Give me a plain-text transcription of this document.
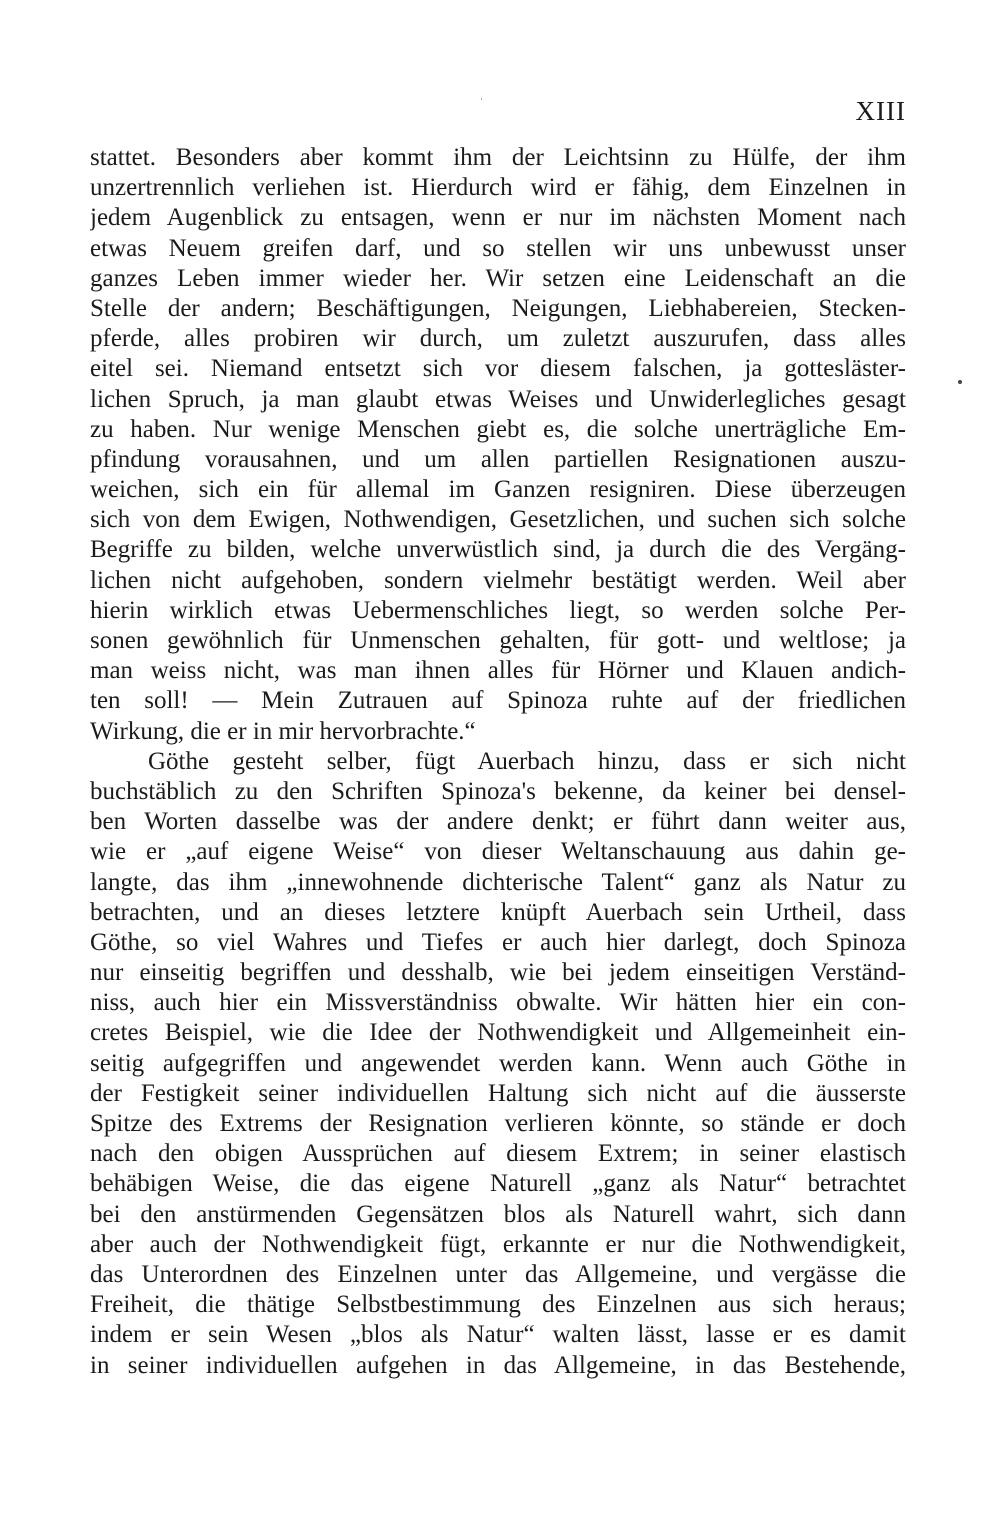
XIII
stattet. Besonders aber kommt ihm der Leichtsinn zu Hülfe, der ihm
unzertrennlich verliehen ist. Hierdurch wird er fähig, dem Einzelnen in
jedem Augenblick zu entsagen, wenn er nur im nächsten Moment nach
etwas Neuem greifen darf, und so stellen wir uns unbewusst unser
ganzes Leben immer wieder her. Wir setzen eine Leidenschaft an die
Stelle der andern; Beschäftigungen, Neigungen, Liebhabereien, Stecken-
pferde, alles probiren wir durch, um zuletzt auszurufen, dass alles
eitel sei. Niemand entsetzt sich vor diesem falschen, ja gottesläster-
lichen Spruch, ja man glaubt etwas Weises und Unwiderlegliches gesagt
zu haben. Nur wenige Menschen giebt es, die solche unerträgliche Em-
pfindung vorausahnen, und um allen partiellen Resignationen auszu-
weichen, sich ein für allemal im Ganzen resigniren. Diese überzeugen
sich von dem Ewigen, Nothwendigen, Gesetzlichen, und suchen sich solche
Begriffe zu bilden, welche unverwüstlich sind, ja durch die des Vergäng-
lichen nicht aufgehoben, sondern vielmehr bestätigt werden. Weil aber
hierin wirklich etwas Uebermenschliches liegt, so werden solche Per-
sonen gewöhnlich für Unmenschen gehalten, für gott- und weltlose; ja
man weiss nicht, was man ihnen alles für Hörner und Klauen andich-
ten soll! — Mein Zutrauen auf Spinoza ruhte auf der friedlichen
Wirkung, die er in mir hervorbrachte.“
Göthe gesteht selber, fügt Auerbach hinzu, dass er sich nicht
buchstäblich zu den Schriften Spinoza's bekenne, da keiner bei densel-
ben Worten dasselbe was der andere denkt; er führt dann weiter aus,
wie er „auf eigene Weise“ von dieser Weltanschauung aus dahin ge-
langte, das ihm „innewohnende dichterische Talent“ ganz als Natur zu
betrachten, und an dieses letztere knüpft Auerbach sein Urtheil, dass
Göthe, so viel Wahres und Tiefes er auch hier darlegt, doch Spinoza
nur einseitig begriffen und desshalb, wie bei jedem einseitigen Verständ-
niss, auch hier ein Missverständniss obwalte. Wir hätten hier ein con-
cretes Beispiel, wie die Idee der Nothwendigkeit und Allgemeinheit ein-
seitig aufgegriffen und angewendet werden kann. Wenn auch Göthe in
der Festigkeit seiner individuellen Haltung sich nicht auf die äusserste
Spitze des Extrems der Resignation verlieren könnte, so stände er doch
nach den obigen Aussprüchen auf diesem Extrem; in seiner elastisch
behäbigen Weise, die das eigene Naturell „ganz als Natur“ betrachtet
bei den anstürmenden Gegensätzen blos als Naturell wahrt, sich dann
aber auch der Nothwendigkeit fügt, erkannte er nur die Nothwendigkeit,
das Unterordnen des Einzelnen unter das Allgemeine, und vergässe die
Freiheit, die thätige Selbstbestimmung des Einzelnen aus sich heraus;
indem er sein Wesen „blos als Natur“ walten lässt, lasse er es damit
in seiner individuellen aufgehen in das Allgemeine, in das Bestehende,
